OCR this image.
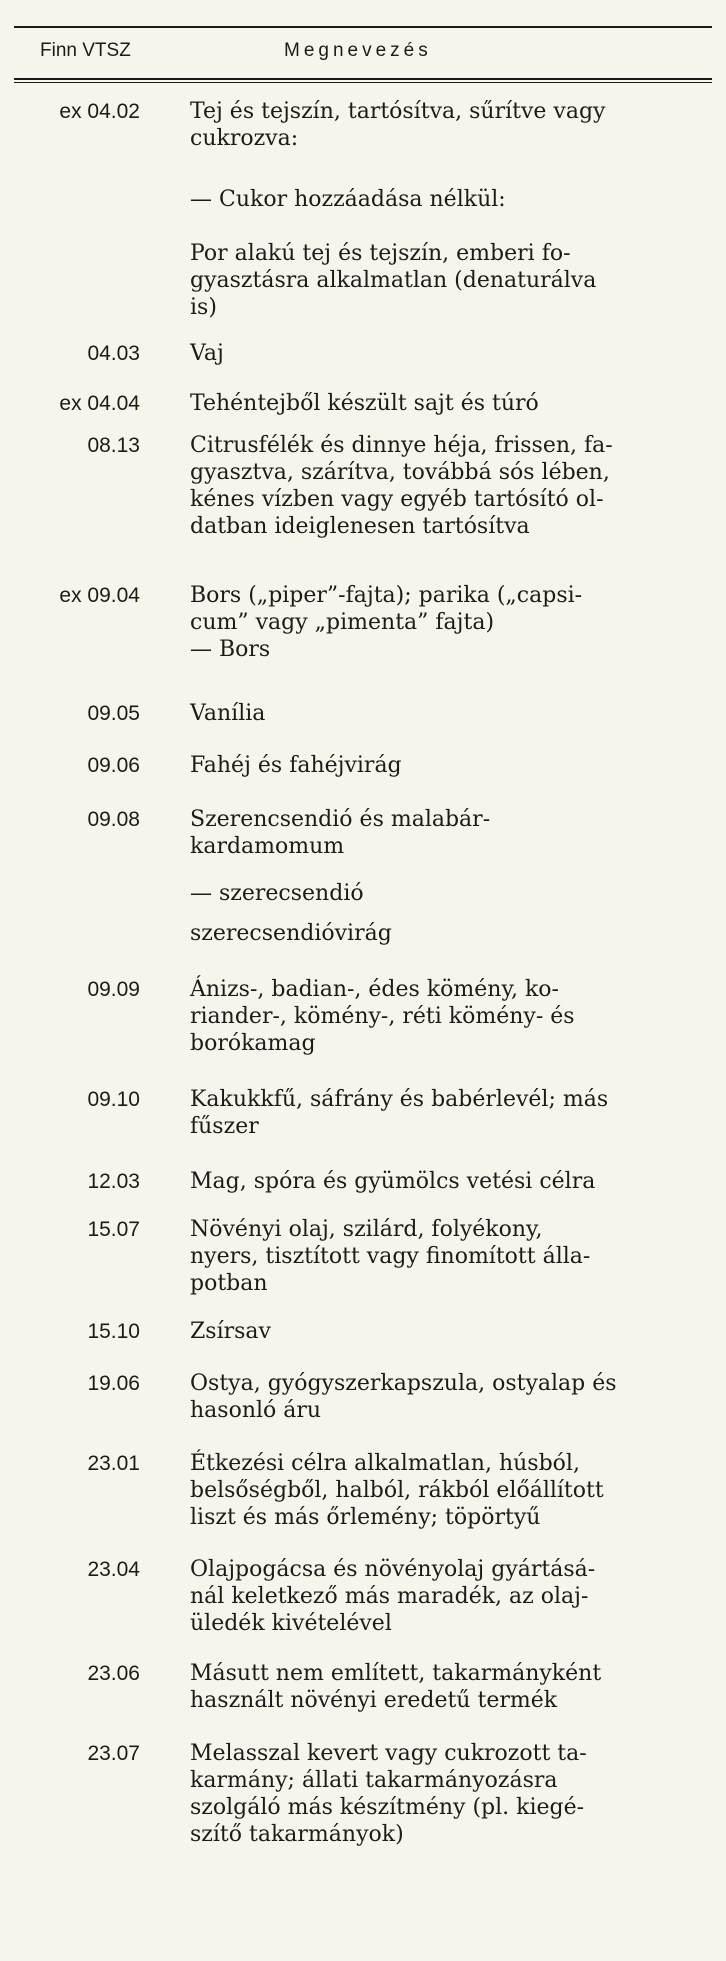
Finn VTSZ	Megnevezés
ex 04.02 Tej és tejszín, tartósítva, sűrítve vagy
cukrozva:
— Cukor hozzáadása nélkül:
Por alakú tej és tejszín, emberi fo-
gyasztásra alkalmatlan (denaturálva
is)
04.03 Vaj
ex 04.04 Tehéntejből készült sajt és túró
08.13 Citrusfélék és dinnye héja, frissen, fa-
gyasztva, szárítva, továbbá sós lében,
kénes vízben vagy egyéb tartósító ol-
datban ideiglenesen tartósítva
ex 09.04 Bors („piper”-fajta); parika („capsi-
cum” vagy „pimenta” fajta)
— Bors
09.05 Vanília
09.06 Fahéj és fahéjvirág
09.08 Szerencsendió és malabár-
kardamomum
— szerecsendió
szerecsendióvirág
09.09 Ánizs-, badian-, édes kömény, ko-
riander-, kömény-, réti kömény- és
borókamag
09.10 Kakukkfű, sáfrány és babérlevél; más
fűszer
12.03 Mag, spóra és gyümölcs vetési célra
15.07 Növényi olaj, szilárd, folyékony,
nyers, tisztított vagy finomított álla-
potban
15.10 Zsírsav
19.06 Ostya, gyógyszerkapszula, ostyalap és
hasonló áru
23.01 Étkezési célra alkalmatlan, húsból,
belsőségből, halból, rákból előállított
liszt és más őrlemény; töpörtyű
23.04 Olajpogácsa és növényolaj gyártásá-
nál keletkező más maradék, az olaj-
üledék kivételével
23.06 Másutt nem említett, takarmányként
használt növényi eredetű termék
23.07 Melasszal kevert vagy cukrozott ta-
karmány; állati takarmányozásra
szolgáló más készítmény (pl. kiegé-
szítő takarmányok)
